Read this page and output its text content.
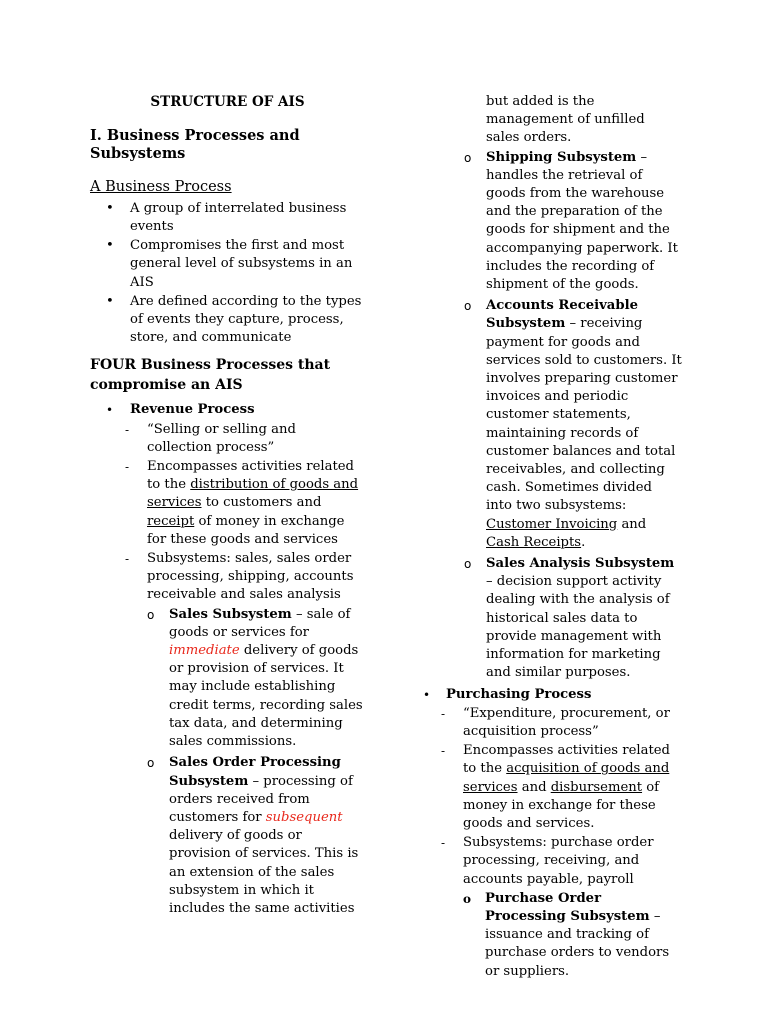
STRUCTURE OF AIS
I. Business Processes and Subsystems
A Business Process
• A group of interrelated business events
• Compromises the first and most general level of subsystems in an AIS
• Are defined according to the types of events they capture, process, store, and communicate
FOUR Business Processes that compromise an AIS
• Revenue Process
- “Selling or selling and collection process”
- Encompasses activities related to the distribution of goods and services to customers and receipt of money in exchange for these goods and services
- Subsystems: sales, sales order processing, shipping, accounts receivable and sales analysis
o Sales Subsystem – sale of goods or services for immediate delivery of goods or provision of services. It may include establishing credit terms, recording sales tax data, and determining sales commissions.
o Sales Order Processing Subsystem – processing of orders received from customers for subsequent delivery of goods or provision of services. This is an extension of the sales subsystem in which it includes the same activities
but added is the management of unfilled sales orders.
o Shipping Subsystem – handles the retrieval of goods from the warehouse and the preparation of the goods for shipment and the accompanying paperwork. It includes the recording of shipment of the goods.
o Accounts Receivable Subsystem – receiving payment for goods and services sold to customers. It involves preparing customer invoices and periodic customer statements, maintaining records of customer balances and total receivables, and collecting cash. Sometimes divided into two subsystems: Customer Invoicing and Cash Receipts.
o Sales Analysis Subsystem – decision support activity dealing with the analysis of historical sales data to provide management with information for marketing and similar purposes.
• Purchasing Process
- “Expenditure, procurement, or acquisition process”
- Encompasses activities related to the acquisition of goods and services and disbursement of money in exchange for these goods and services.
- Subsystems: purchase order processing, receiving, and accounts payable, payroll
o Purchase Order Processing Subsystem – issuance and tracking of purchase orders to vendors or suppliers.
